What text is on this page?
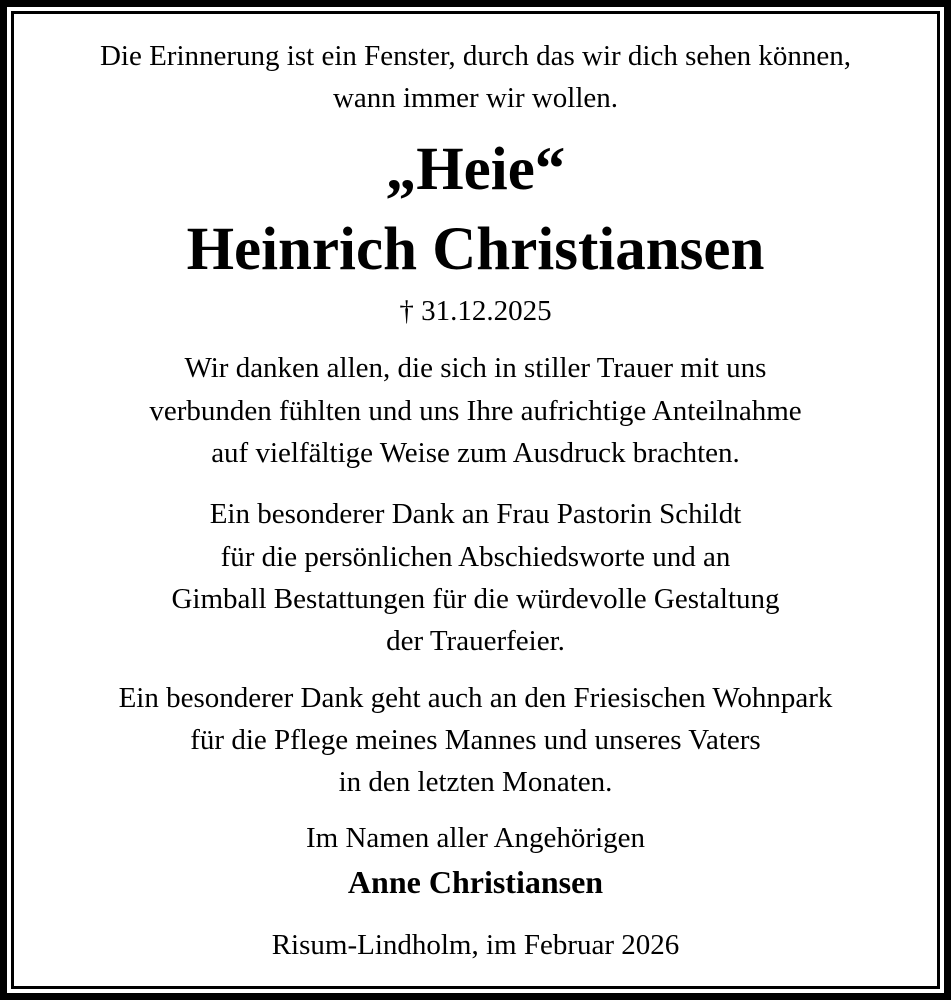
Die Erinnerung ist ein Fenster, durch das wir dich sehen können,
wann immer wir wollen.
„Heie“
Heinrich Christiansen
† 31.12.2025
Wir danken allen, die sich in stiller Trauer mit uns
verbunden fühlten und uns Ihre aufrichtige Anteilnahme
auf vielfältige Weise zum Ausdruck brachten.
Ein besonderer Dank an Frau Pastorin Schildt
für die persönlichen Abschiedsworte und an
Gimball Bestattungen für die würdevolle Gestaltung
der Trauerfeier.
Ein besonderer Dank geht auch an den Friesischen Wohnpark
für die Pflege meines Mannes und unseres Vaters
in den letzten Monaten.
Im Namen aller Angehörigen
Anne Christiansen
Risum-Lindholm, im Februar 2026
